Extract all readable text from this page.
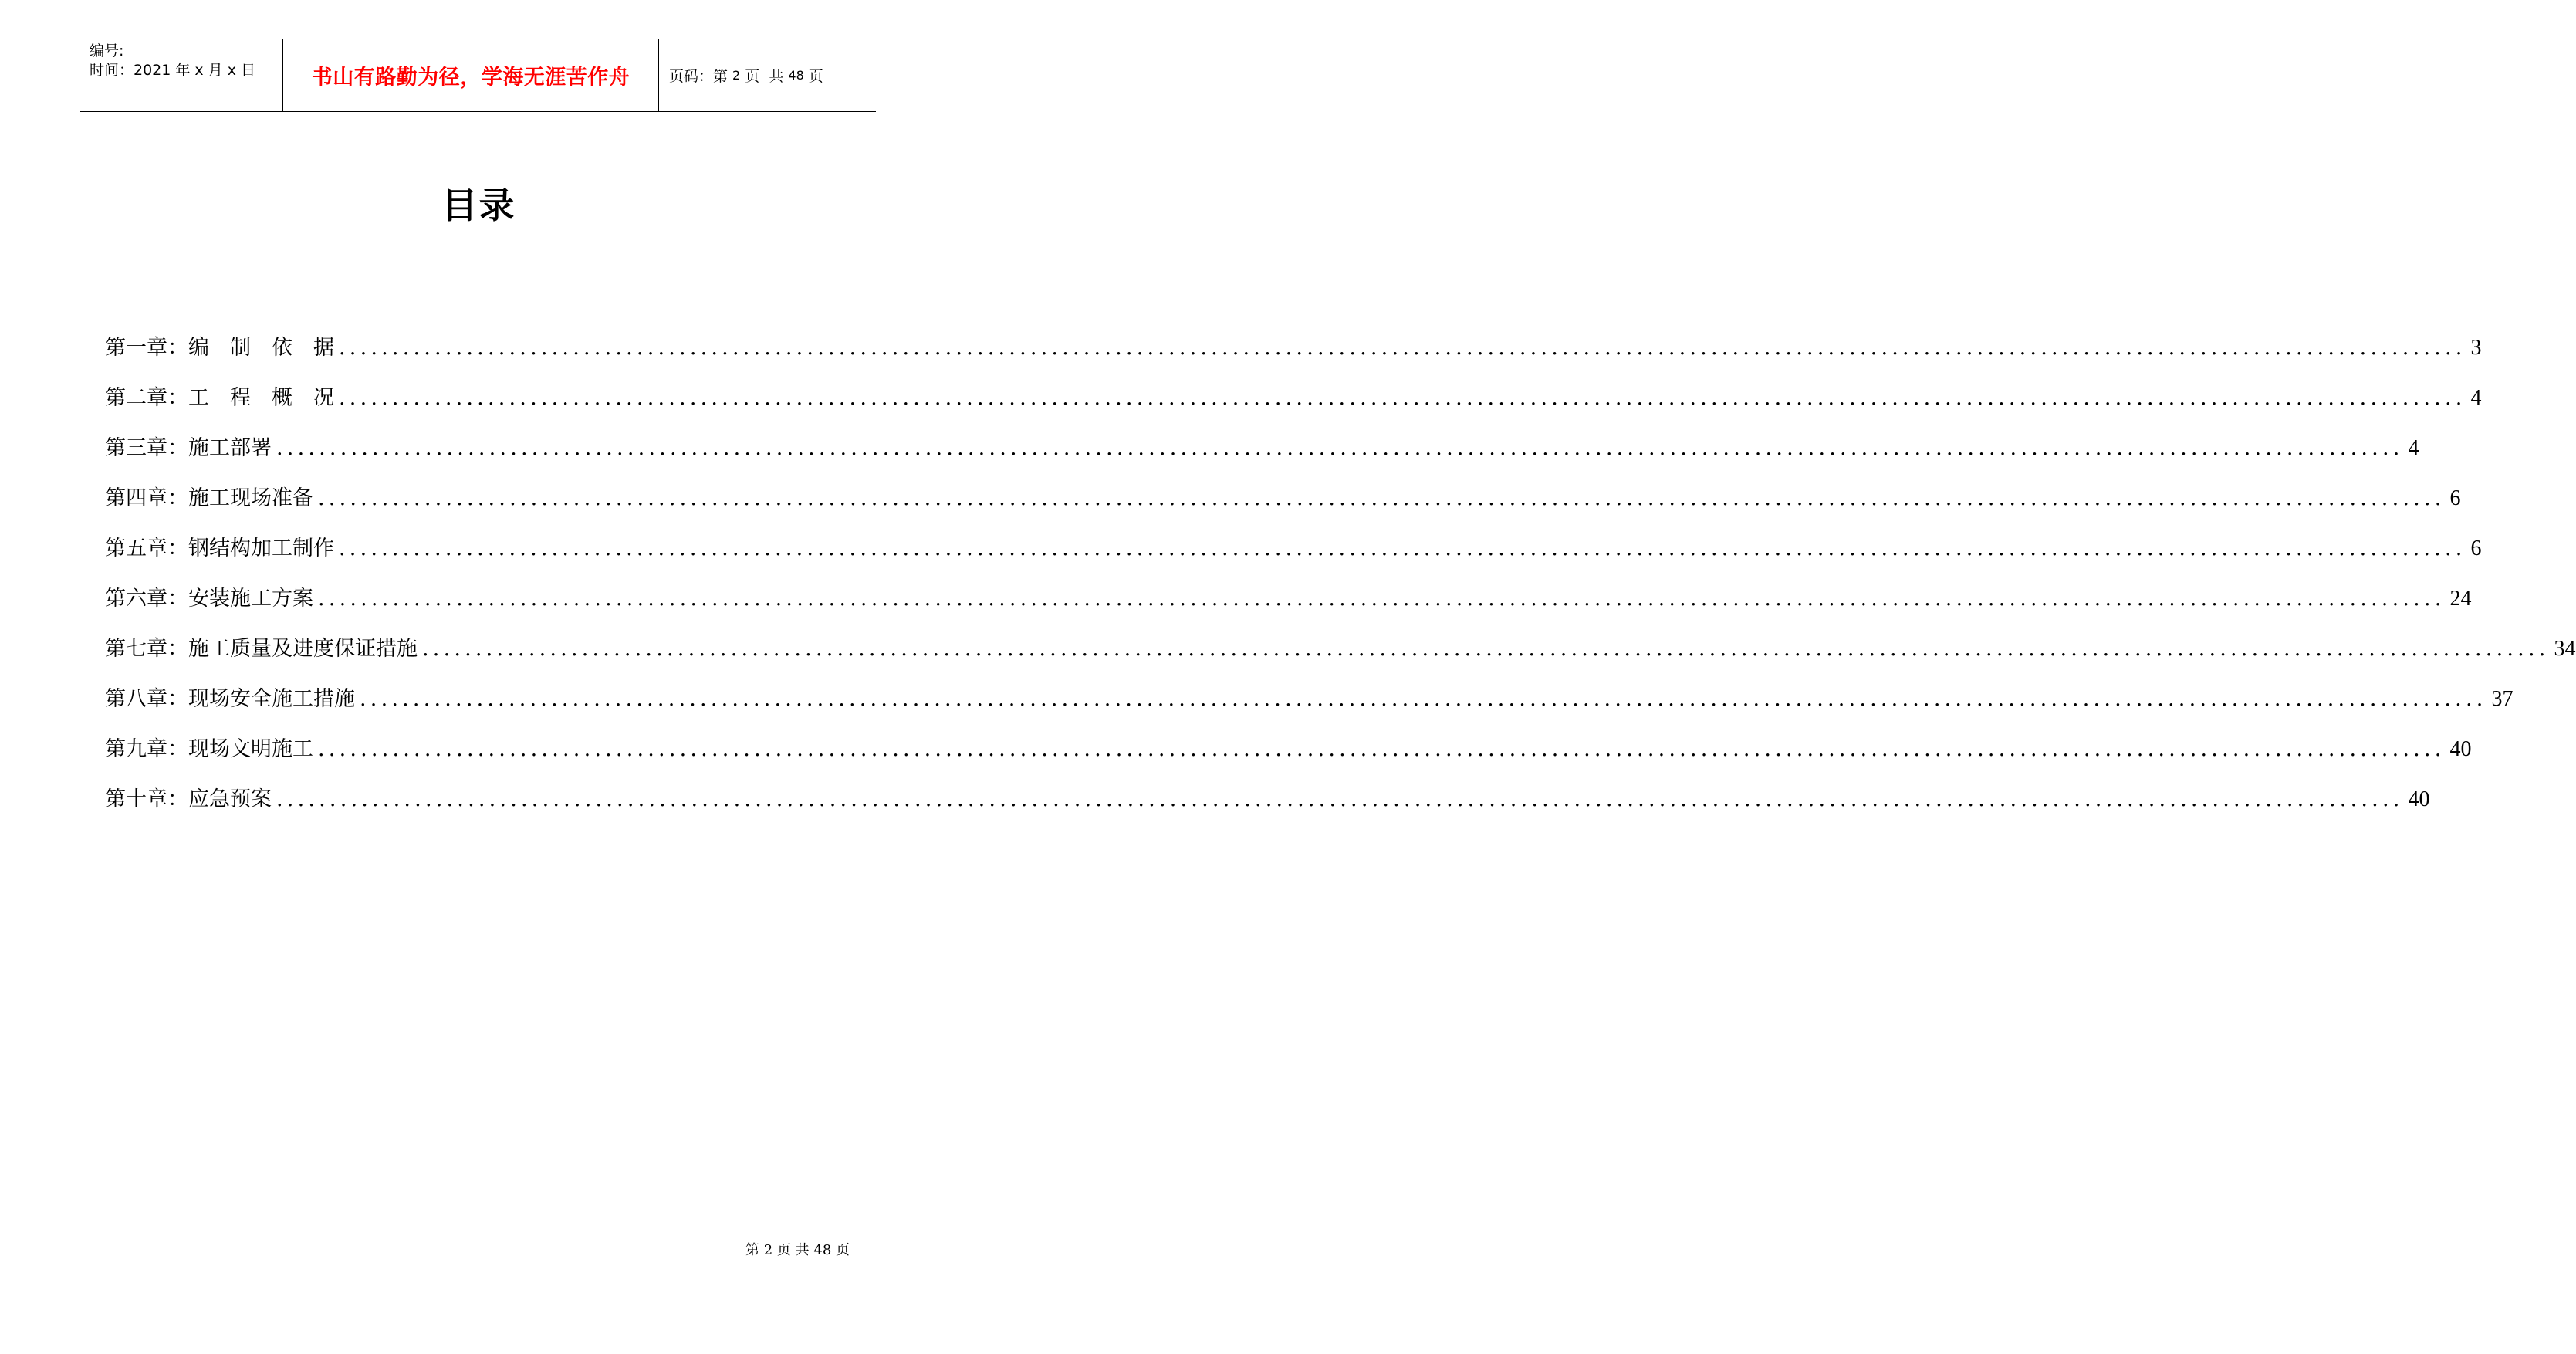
编号:
时间：2021 年 x 月 x 日	书山有路勤为径，学海无涯苦作舟	页码：第 2 页  共 48 页
目录
第一章：编　制　依　据 ........................................................................................................................................................................................................ 3
第二章：工　程　概　况 ........................................................................................................................................................................................................ 4
第三章：施工部署 ........................................................................................................................................................................................................ 4
第四章：施工现场准备 ........................................................................................................................................................................................................ 6
第五章：钢结构加工制作 ........................................................................................................................................................................................................ 6
第六章：安装施工方案 ........................................................................................................................................................................................................ 24
第七章：施工质量及进度保证措施 ........................................................................................................................................................................................................ 34
第八章：现场安全施工措施 ........................................................................................................................................................................................................ 37
第九章：现场文明施工 ........................................................................................................................................................................................................ 40
第十章：应急预案 ........................................................................................................................................................................................................ 40
第 2 页 共 48 页
